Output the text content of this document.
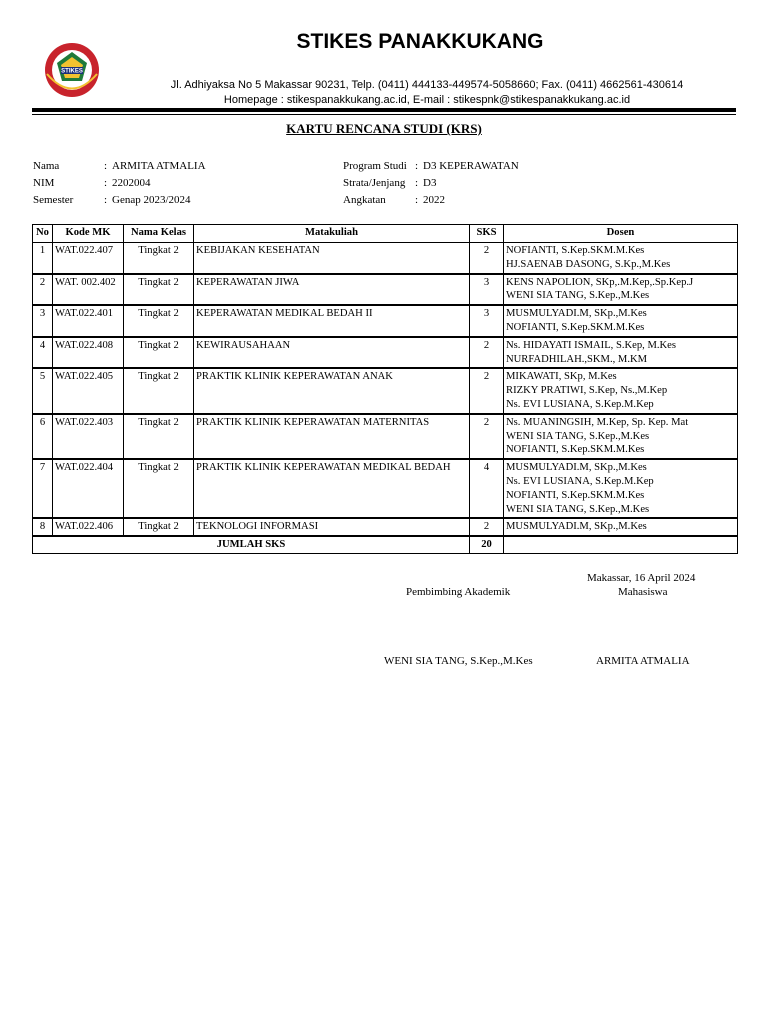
STIKES
STIKES PANAKKUKANG
Jl. Adhiyaksa No 5 Makassar 90231, Telp. (0411) 444133-449574-5058660; Fax. (0411) 4662561-430614
Homepage : stikespanakkukang.ac.id, E-mail : stikespnk@stikespanakkukang.ac.id
KARTU RENCANA STUDI (KRS)
Nama	: ARMITA ATMALIA
NIM	: 2202004
Semester	: Genap 2023/2024
Program Studi : D3 KEPERAWATAN
Strata/Jenjang : D3
Angkatan	: 2022
No	Kode MK	Nama Kelas	Matakuliah	SKS	Dosen
1	WAT.022.407	Tingkat 2	KEBIJAKAN KESEHATAN	2	NOFIANTI, S.Kep.SKM.M.Kes
HJ.SAENAB DASONG, S.Kp.,M.Kes

2	WAT. 002.402	Tingkat 2	KEPERAWATAN JIWA	3	KENS NAPOLION, SKp,.M.Kep,.Sp.Kep.J
WENI SIA TANG, S.Kep.,M.Kes

3	WAT.022.401	Tingkat 2	KEPERAWATAN MEDIKAL BEDAH II	3	MUSMULYADI.M, SKp.,M.Kes
NOFIANTI, S.Kep.SKM.M.Kes

4	WAT.022.408	Tingkat 2	KEWIRAUSAHAAN	2	Ns. HIDAYATI ISMAIL, S.Kep, M.Kes
NURFADHILAH.,SKM., M.KM

5	WAT.022.405	Tingkat 2	PRAKTIK KLINIK KEPERAWATAN ANAK	2	MIKAWATI, SKp, M.Kes
RIZKY PRATIWI, S.Kep, Ns.,M.Kep
Ns. EVI LUSIANA, S.Kep.M.Kep

6	WAT.022.403	Tingkat 2	PRAKTIK KLINIK KEPERAWATAN MATERNITAS	2	Ns. MUANINGSIH, M.Kep, Sp. Kep. Mat
WENI SIA TANG, S.Kep.,M.Kes
NOFIANTI, S.Kep.SKM.M.Kes

7	WAT.022.404	Tingkat 2	PRAKTIK KLINIK KEPERAWATAN MEDIKAL BEDAH	4	MUSMULYADI.M, SKp.,M.Kes
Ns. EVI LUSIANA, S.Kep.M.Kep
NOFIANTI, S.Kep.SKM.M.Kes
WENI SIA TANG, S.Kep.,M.Kes

8	WAT.022.406	Tingkat 2	TEKNOLOGI INFORMASI	2	MUSMULYADI.M, SKp.,M.Kes

JUMLAH SKS				20	
Makassar, 16 April 2024
Pembimbing Akademik	Mahasiswa
WENI SIA TANG, S.Kep.,M.Kes	ARMITA ATMALIA
